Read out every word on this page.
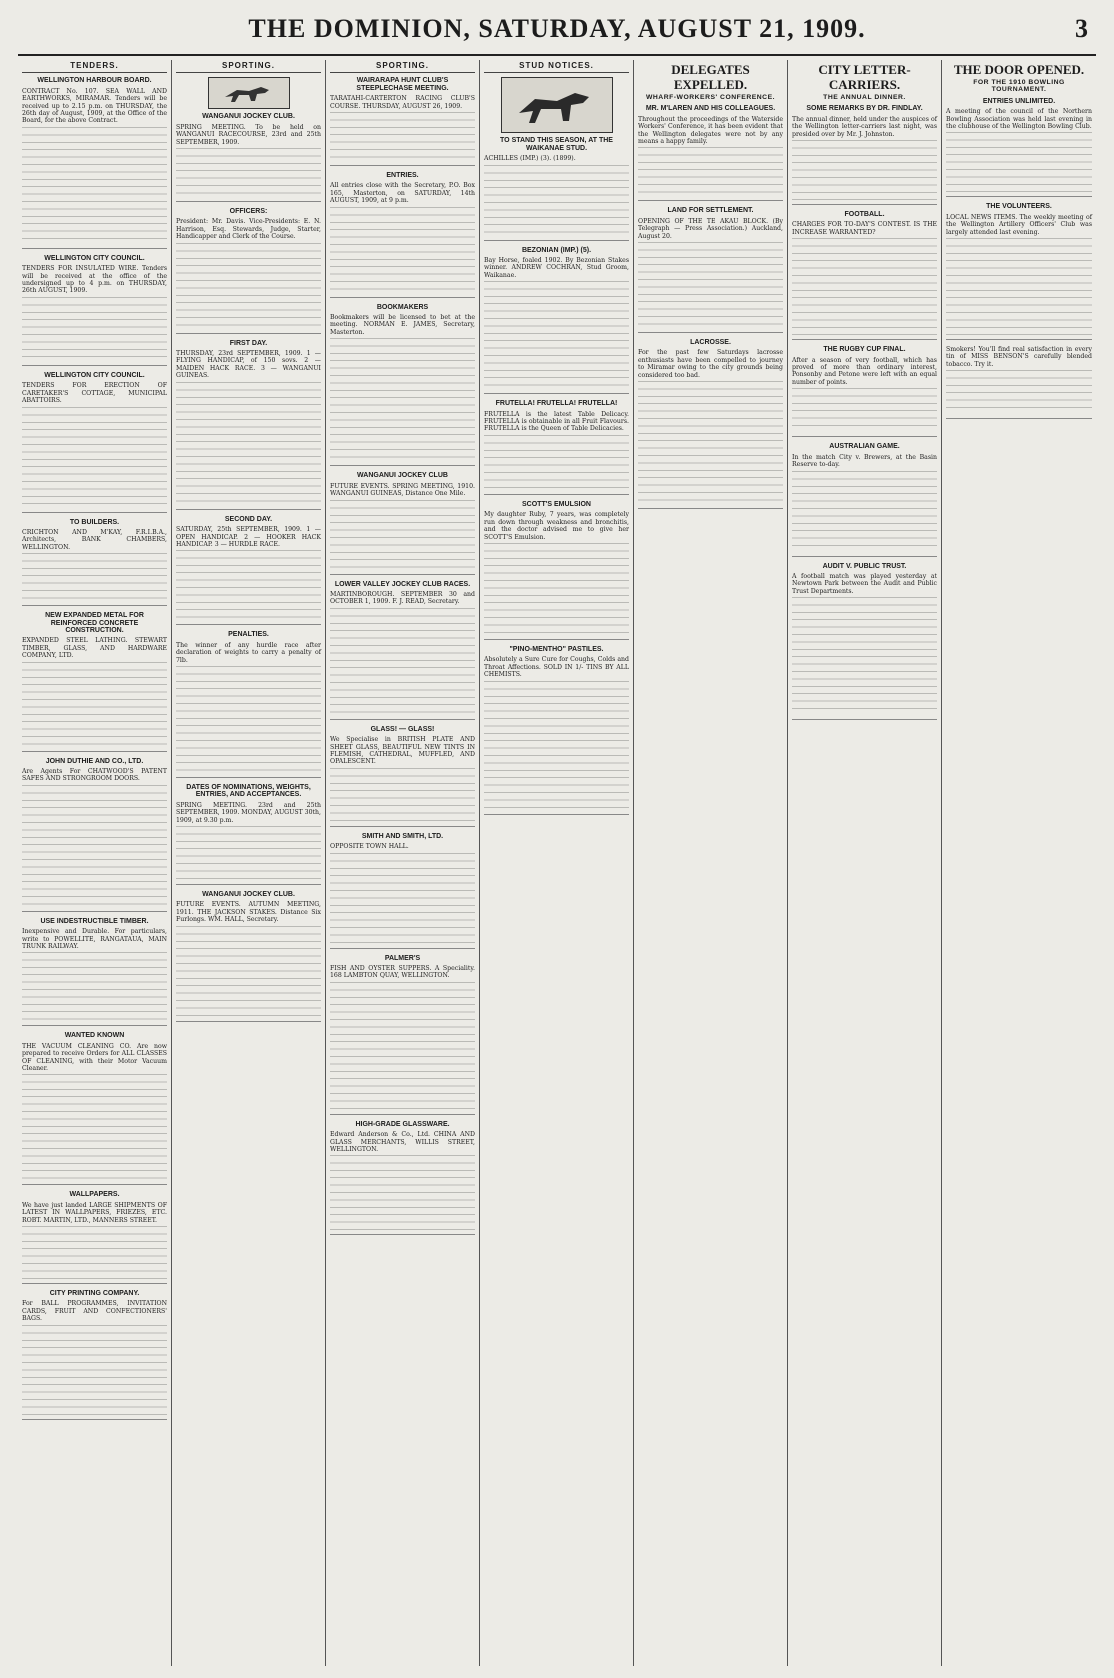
THE DOMINION, SATURDAY, AUGUST 21, 1909.	3
TENDERS.
WELLINGTON HARBOUR BOARD.

CONTRACT No. 107. SEA WALL AND EARTHWORKS, MIRAMAR. Tenders will be received up to 2.15 p.m. on THURSDAY, the 26th day of August, 1909, at the Office of the Board, for the above Contract.

WELLINGTON CITY COUNCIL.

TENDERS FOR INSULATED WIRE. Tenders will be received at the office of the undersigned up to 4 p.m. on THURSDAY, 26th AUGUST, 1909.

WELLINGTON CITY COUNCIL.

TENDERS FOR ERECTION OF CARETAKER'S COTTAGE, MUNICIPAL ABATTOIRS.

TO BUILDERS.

CRICHTON AND M'KAY, F.R.I.B.A., Architects, BANK CHAMBERS, WELLINGTON.

NEW EXPANDED METAL FOR REINFORCED CONCRETE CONSTRUCTION.

EXPANDED STEEL LATHING. STEWART TIMBER, GLASS, AND HARDWARE COMPANY, LTD.

JOHN DUTHIE AND CO., LTD.

Are Agents For CHATWOOD'S PATENT SAFES AND STRONGROOM DOORS.

USE INDESTRUCTIBLE TIMBER.

Inexpensive and Durable. For particulars, write to POWELLITE, RANGATAUA, MAIN TRUNK RAILWAY.

WANTED KNOWN

THE VACUUM CLEANING CO. Are now prepared to receive Orders for ALL CLASSES OF CLEANING, with their Motor Vacuum Cleaner.

WALLPAPERS.

We have just landed LARGE SHIPMENTS OF LATEST IN WALLPAPERS, FRIEZES, ETC. ROBT. MARTIN, LTD., MANNERS STREET.

CITY PRINTING COMPANY.

For BALL PROGRAMMES, INVITATION CARDS, FRUIT AND CONFECTIONERS' BAGS.

SPORTING.
WANGANUI JOCKEY CLUB.

SPRING MEETING. To be held on WANGANUI RACECOURSE, 23rd and 25th SEPTEMBER, 1909.

OFFICERS:

President: Mr. Davis. Vice-Presidents: E. N. Harrison, Esq. Stewards, Judge, Starter, Handicapper and Clerk of the Course.

FIRST DAY.

THURSDAY, 23rd SEPTEMBER, 1909. 1 — FLYING HANDICAP, of 150 sovs. 2 — MAIDEN HACK RACE. 3 — WANGANUI GUINEAS.

SECOND DAY.

SATURDAY, 25th SEPTEMBER, 1909. 1 — OPEN HANDICAP. 2 — HOOKER HACK HANDICAP. 3 — HURDLE RACE.

PENALTIES.

The winner of any hurdle race after declaration of weights to carry a penalty of 7lb.

DATES OF NOMINATIONS, WEIGHTS, ENTRIES, AND ACCEPTANCES.

SPRING MEETING. 23rd and 25th SEPTEMBER, 1909. MONDAY, AUGUST 30th, 1909, at 9.30 p.m.

WANGANUI JOCKEY CLUB.

FUTURE EVENTS. AUTUMN MEETING, 1911. THE JACKSON STAKES. Distance Six Furlongs. WM. HALL, Secretary.

SPORTING.
WAIRARAPA HUNT CLUB'S STEEPLECHASE MEETING.

TARATAHI-CARTERTON RACING CLUB'S COURSE. THURSDAY, AUGUST 26, 1909.

ENTRIES.

All entries close with the Secretary, P.O. Box 165, Masterton, on SATURDAY, 14th AUGUST, 1909, at 9 p.m.

BOOKMAKERS

Bookmakers will be licensed to bet at the meeting. NORMAN E. JAMES, Secretary, Masterton.

WANGANUI JOCKEY CLUB

FUTURE EVENTS. SPRING MEETING, 1910. WANGANUI GUINEAS, Distance One Mile.

LOWER VALLEY JOCKEY CLUB RACES.

MARTINBOROUGH. SEPTEMBER 30 and OCTOBER 1, 1909. F. J. READ, Secretary.

GLASS! — GLASS!

We Specialise in BRITISH PLATE AND SHEET GLASS, BEAUTIFUL NEW TINTS IN FLEMISH, CATHEDRAL, MUFFLED, AND OPALESCENT.

SMITH AND SMITH, LTD.

OPPOSITE TOWN HALL.

PALMER'S

FISH AND OYSTER SUPPERS. A Speciality. 168 LAMBTON QUAY, WELLINGTON.

HIGH-GRADE GLASSWARE.

Edward Anderson & Co., Ltd. CHINA AND GLASS MERCHANTS, WILLIS STREET, WELLINGTON.

STUD NOTICES.
TO STAND THIS SEASON, AT THE WAIKANAE STUD.

ACHILLES (IMP.) (3). (1899).

BEZONIAN (IMP.) (5).

Bay Horse, foaled 1902. By Bezonian Stakes winner. ANDREW COCHRAN, Stud Groom, Waikanae.

FRUTELLA! FRUTELLA! FRUTELLA!

FRUTELLA is the latest Table Delicacy. FRUTELLA is obtainable in all Fruit Flavours. FRUTELLA is the Queen of Table Delicacies.

SCOTT'S EMULSION

My daughter Ruby, 7 years, was completely run down through weakness and bronchitis, and the doctor advised me to give her SCOTT'S Emulsion.

"PINO-MENTHO" PASTILES.

Absolutely a Sure Cure for Coughs, Colds and Throat Affections. SOLD IN 1/- TINS BY ALL CHEMISTS.

DELEGATES EXPELLED.
WHARF-WORKERS' CONFERENCE.
MR. M'LAREN AND HIS COLLEAGUES.

Throughout the proceedings of the Waterside Workers' Conference, it has been evident that the Wellington delegates were not by any means a happy family.

LAND FOR SETTLEMENT.

OPENING OF THE TE AKAU BLOCK. (By Telegraph — Press Association.) Auckland, August 20.

LACROSSE.

For the past few Saturdays lacrosse enthusiasts have been compelled to journey to Miramar owing to the city grounds being considered too bad.

CITY LETTER-CARRIERS.
THE ANNUAL DINNER.
SOME REMARKS BY DR. FINDLAY.

The annual dinner, held under the auspices of the Wellington letter-carriers last night, was presided over by Mr. J. Johnston.

FOOTBALL.

CHARGES FOR TO-DAY'S CONTEST. IS THE INCREASE WARRANTED?

THE RUGBY CUP FINAL.

After a season of very football, which has proved of more than ordinary interest, Ponsonby and Petone were left with an equal number of points.

AUSTRALIAN GAME.

In the match City v. Brewers, at the Basin Reserve to-day.

AUDIT V. PUBLIC TRUST.

A football match was played yesterday at Newtown Park between the Audit and Public Trust Departments.

THE DOOR OPENED.
FOR THE 1910 BOWLING TOURNAMENT.
ENTRIES UNLIMITED.

A meeting of the council of the Northern Bowling Association was held last evening in the clubhouse of the Wellington Bowling Club.

THE VOLUNTEERS.

LOCAL NEWS ITEMS. The weekly meeting of the Wellington Artillery Officers' Club was largely attended last evening.

Smokers! You'll find real satisfaction in every tin of MISS BENSON'S carefully blended tobacco. Try it.
